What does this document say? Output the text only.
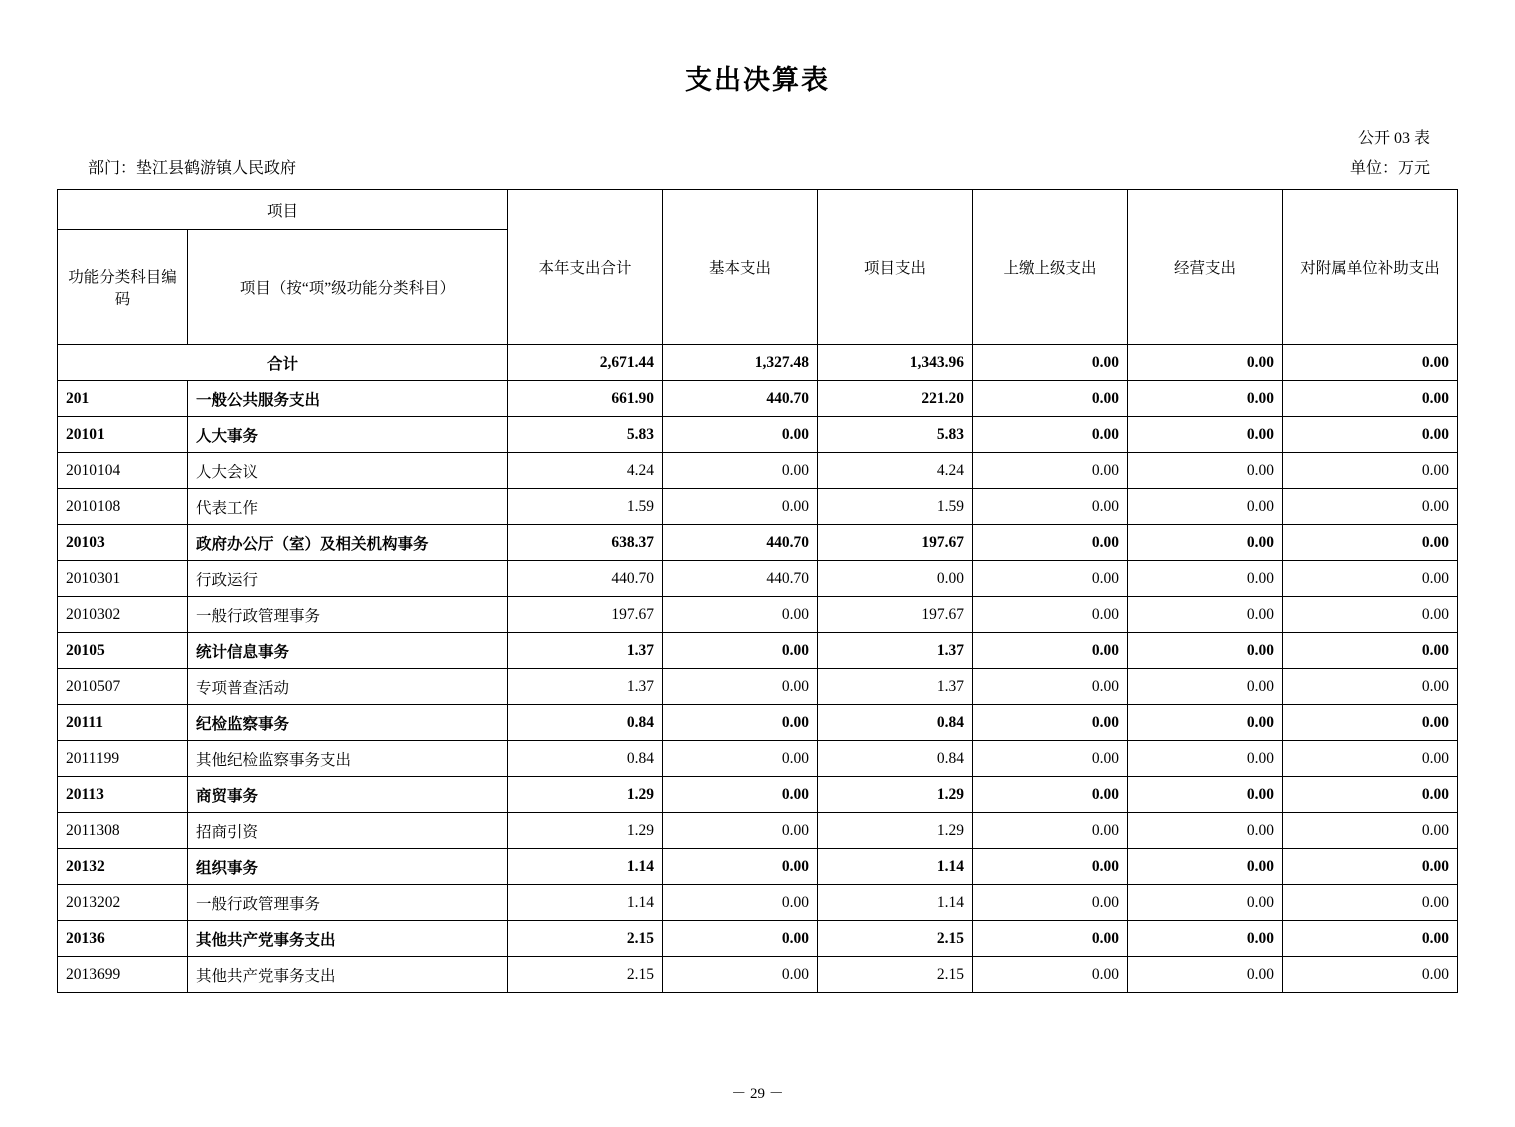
支出决算表
公开 03 表
部门：垫江县鹤游镇人民政府	单位：万元
项目		本年支出合计	基本支出	项目支出	上缴上级支出	经营支出	对附属单位补助支出
功能分类科目编码	项目（按“项”级功能分类科目）						
合计		2,671.44	1,327.48	1,343.96	0.00	0.00	0.00
201	一般公共服务支出	661.90	440.70	221.20	0.00	0.00	0.00
20101	人大事务	5.83	0.00	5.83	0.00	0.00	0.00
2010104	人大会议	4.24	0.00	4.24	0.00	0.00	0.00
2010108	代表工作	1.59	0.00	1.59	0.00	0.00	0.00
20103	政府办公厅（室）及相关机构事务	638.37	440.70	197.67	0.00	0.00	0.00
2010301	行政运行	440.70	440.70	0.00	0.00	0.00	0.00
2010302	一般行政管理事务	197.67	0.00	197.67	0.00	0.00	0.00
20105	统计信息事务	1.37	0.00	1.37	0.00	0.00	0.00
2010507	专项普查活动	1.37	0.00	1.37	0.00	0.00	0.00
20111	纪检监察事务	0.84	0.00	0.84	0.00	0.00	0.00
2011199	其他纪检监察事务支出	0.84	0.00	0.84	0.00	0.00	0.00
20113	商贸事务	1.29	0.00	1.29	0.00	0.00	0.00
2011308	招商引资	1.29	0.00	1.29	0.00	0.00	0.00
20132	组织事务	1.14	0.00	1.14	0.00	0.00	0.00
2013202	一般行政管理事务	1.14	0.00	1.14	0.00	0.00	0.00
20136	其他共产党事务支出	2.15	0.00	2.15	0.00	0.00	0.00
2013699	其他共产党事务支出	2.15	0.00	2.15	0.00	0.00	0.00
－ 29 －
